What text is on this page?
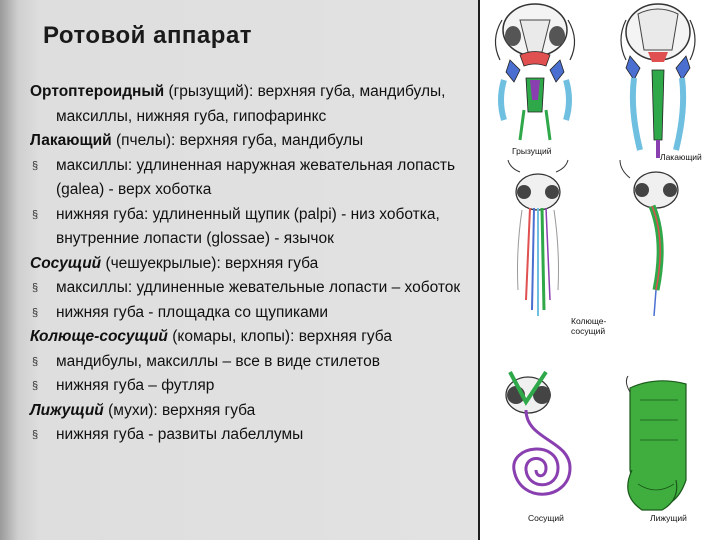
Ротовой аппарат

Ортоптероидный (грызущий): верхняя губа, мандибулы, максиллы, нижняя губа, гипофаринкс

Лакающий (пчелы): верхняя губа, мандибулы

§ максиллы: удлиненная наружная жевательная лопасть (galea) - верх хоботка

§ нижняя губа: удлиненный щупик (palpi) - низ хоботка, внутренние лопасти (glossae) - язычок

Сосущий (чешуекрылые): верхняя губа

§ максиллы: удлиненные жевательные лопасти – хоботок

§ нижняя губа - площадка со щупиками

Колюще-сосущий (комары, клопы): верхняя губа

§ мандибулы, максиллы – все в виде стилетов

§ нижняя губа – футляр

Лижущий (мухи): верхняя губа

§ нижняя губа - развиты лабеллумы

Грызущий
Лакающий
Колюще-сосущий
Сосущий	Лижущий
